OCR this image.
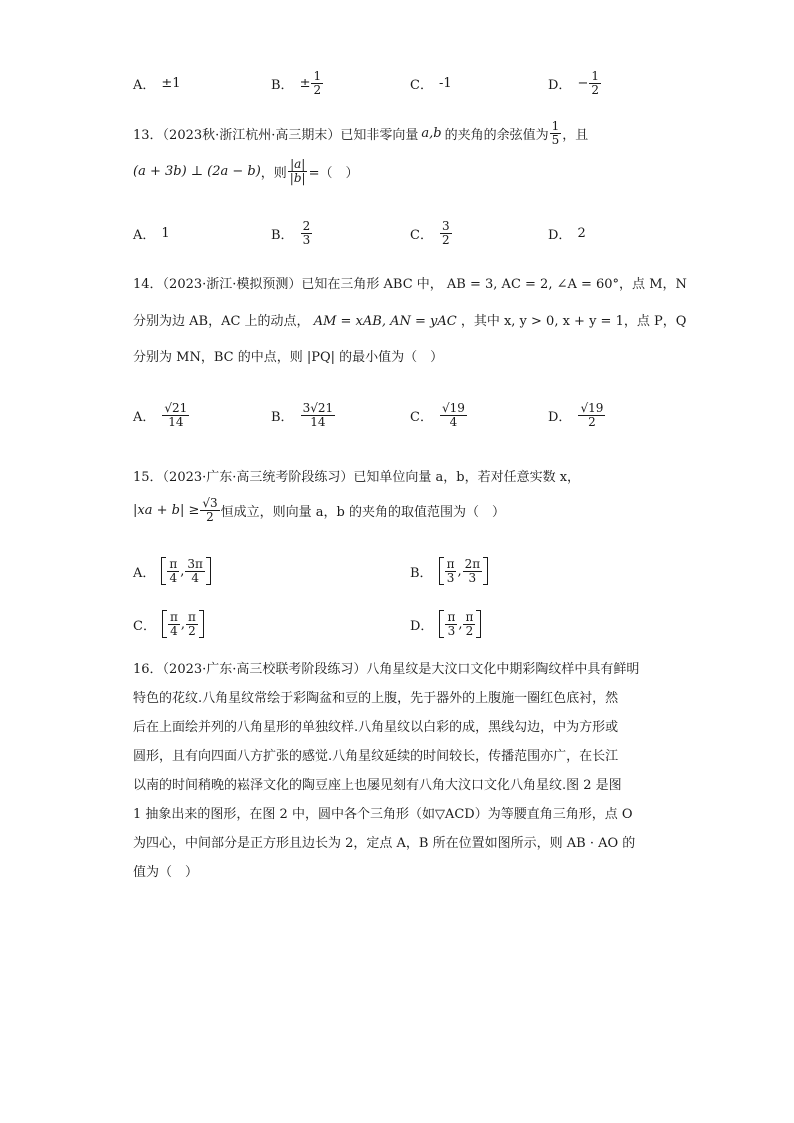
A． ±1	B． ± $\frac{1}{2}$	C． -1	D． − $\frac{1}{2}$
13．（2023秋·浙江杭州·高三期末）已知非零向量 a,b 的夹角的余弦值为 $\frac{1}{5}$ ，且
(a + 3b) ⊥ (2a − b) ，则 $\frac{|a|}{|b|}$ =（　）
A． 1	B． $\frac{2}{3}$	C． $\frac{3}{2}$	D． 2
14．（2023·浙江·模拟预测）已知在三角形 ABC 中， AB = 3, AC = 2, ∠A = 60°，点 M，N
分别为边 AB，AC 上的动点， AM = xAB, AN = yAC ，其中 x, y > 0, x + y = 1，点 P，Q
分别为 MN，BC 的中点，则 |PQ| 的最小值为（　）
A． $\frac{√21}{14}$	B． $\frac{3√21}{14}$	C． $\frac{√19}{4}$	D． $\frac{√19}{2}$
15．（2023·广东·高三统考阶段练习）已知单位向量 a，b，若对任意实数 x，
$|xa + b| \ge \frac{√3}{2}$ 恒成立，则向量 a，b 的夹角的取值范围为（　）
A． $\frac{\pi}{4}$ , $\frac{3\pi}{4}$	B． $\frac{\pi}{3}$ , $\frac{2\pi}{3}$
C． $\frac{\pi}{4}$ , $\frac{\pi}{2}$	D． $\frac{\pi}{3}$ , $\frac{\pi}{2}$
16．（2023·广东·高三校联考阶段练习）八角星纹是大汶口文化中期彩陶纹样中具有鲜明
特色的花纹.八角星纹常绘于彩陶盆和豆的上腹，先于器外的上腹施一圈红色底衬，然
后在上面绘并列的八角星形的单独纹样.八角星纹以白彩的成，黑线勾边，中为方形或
圆形，且有向四面八方扩张的感觉.八角星纹延续的时间较长，传播范围亦广，在长江
以南的时间稍晚的崧泽文化的陶豆座上也屡见刻有八角大汶口文化八角星纹.图 2 是图
1 抽象出来的图形，在图 2 中，圆中各个三角形（如▽ACD）为等腰直角三角形，点 O
为四心，中间部分是正方形且边长为 2，定点 A，B 所在位置如图所示，则 AB · AO 的
值为（　）
